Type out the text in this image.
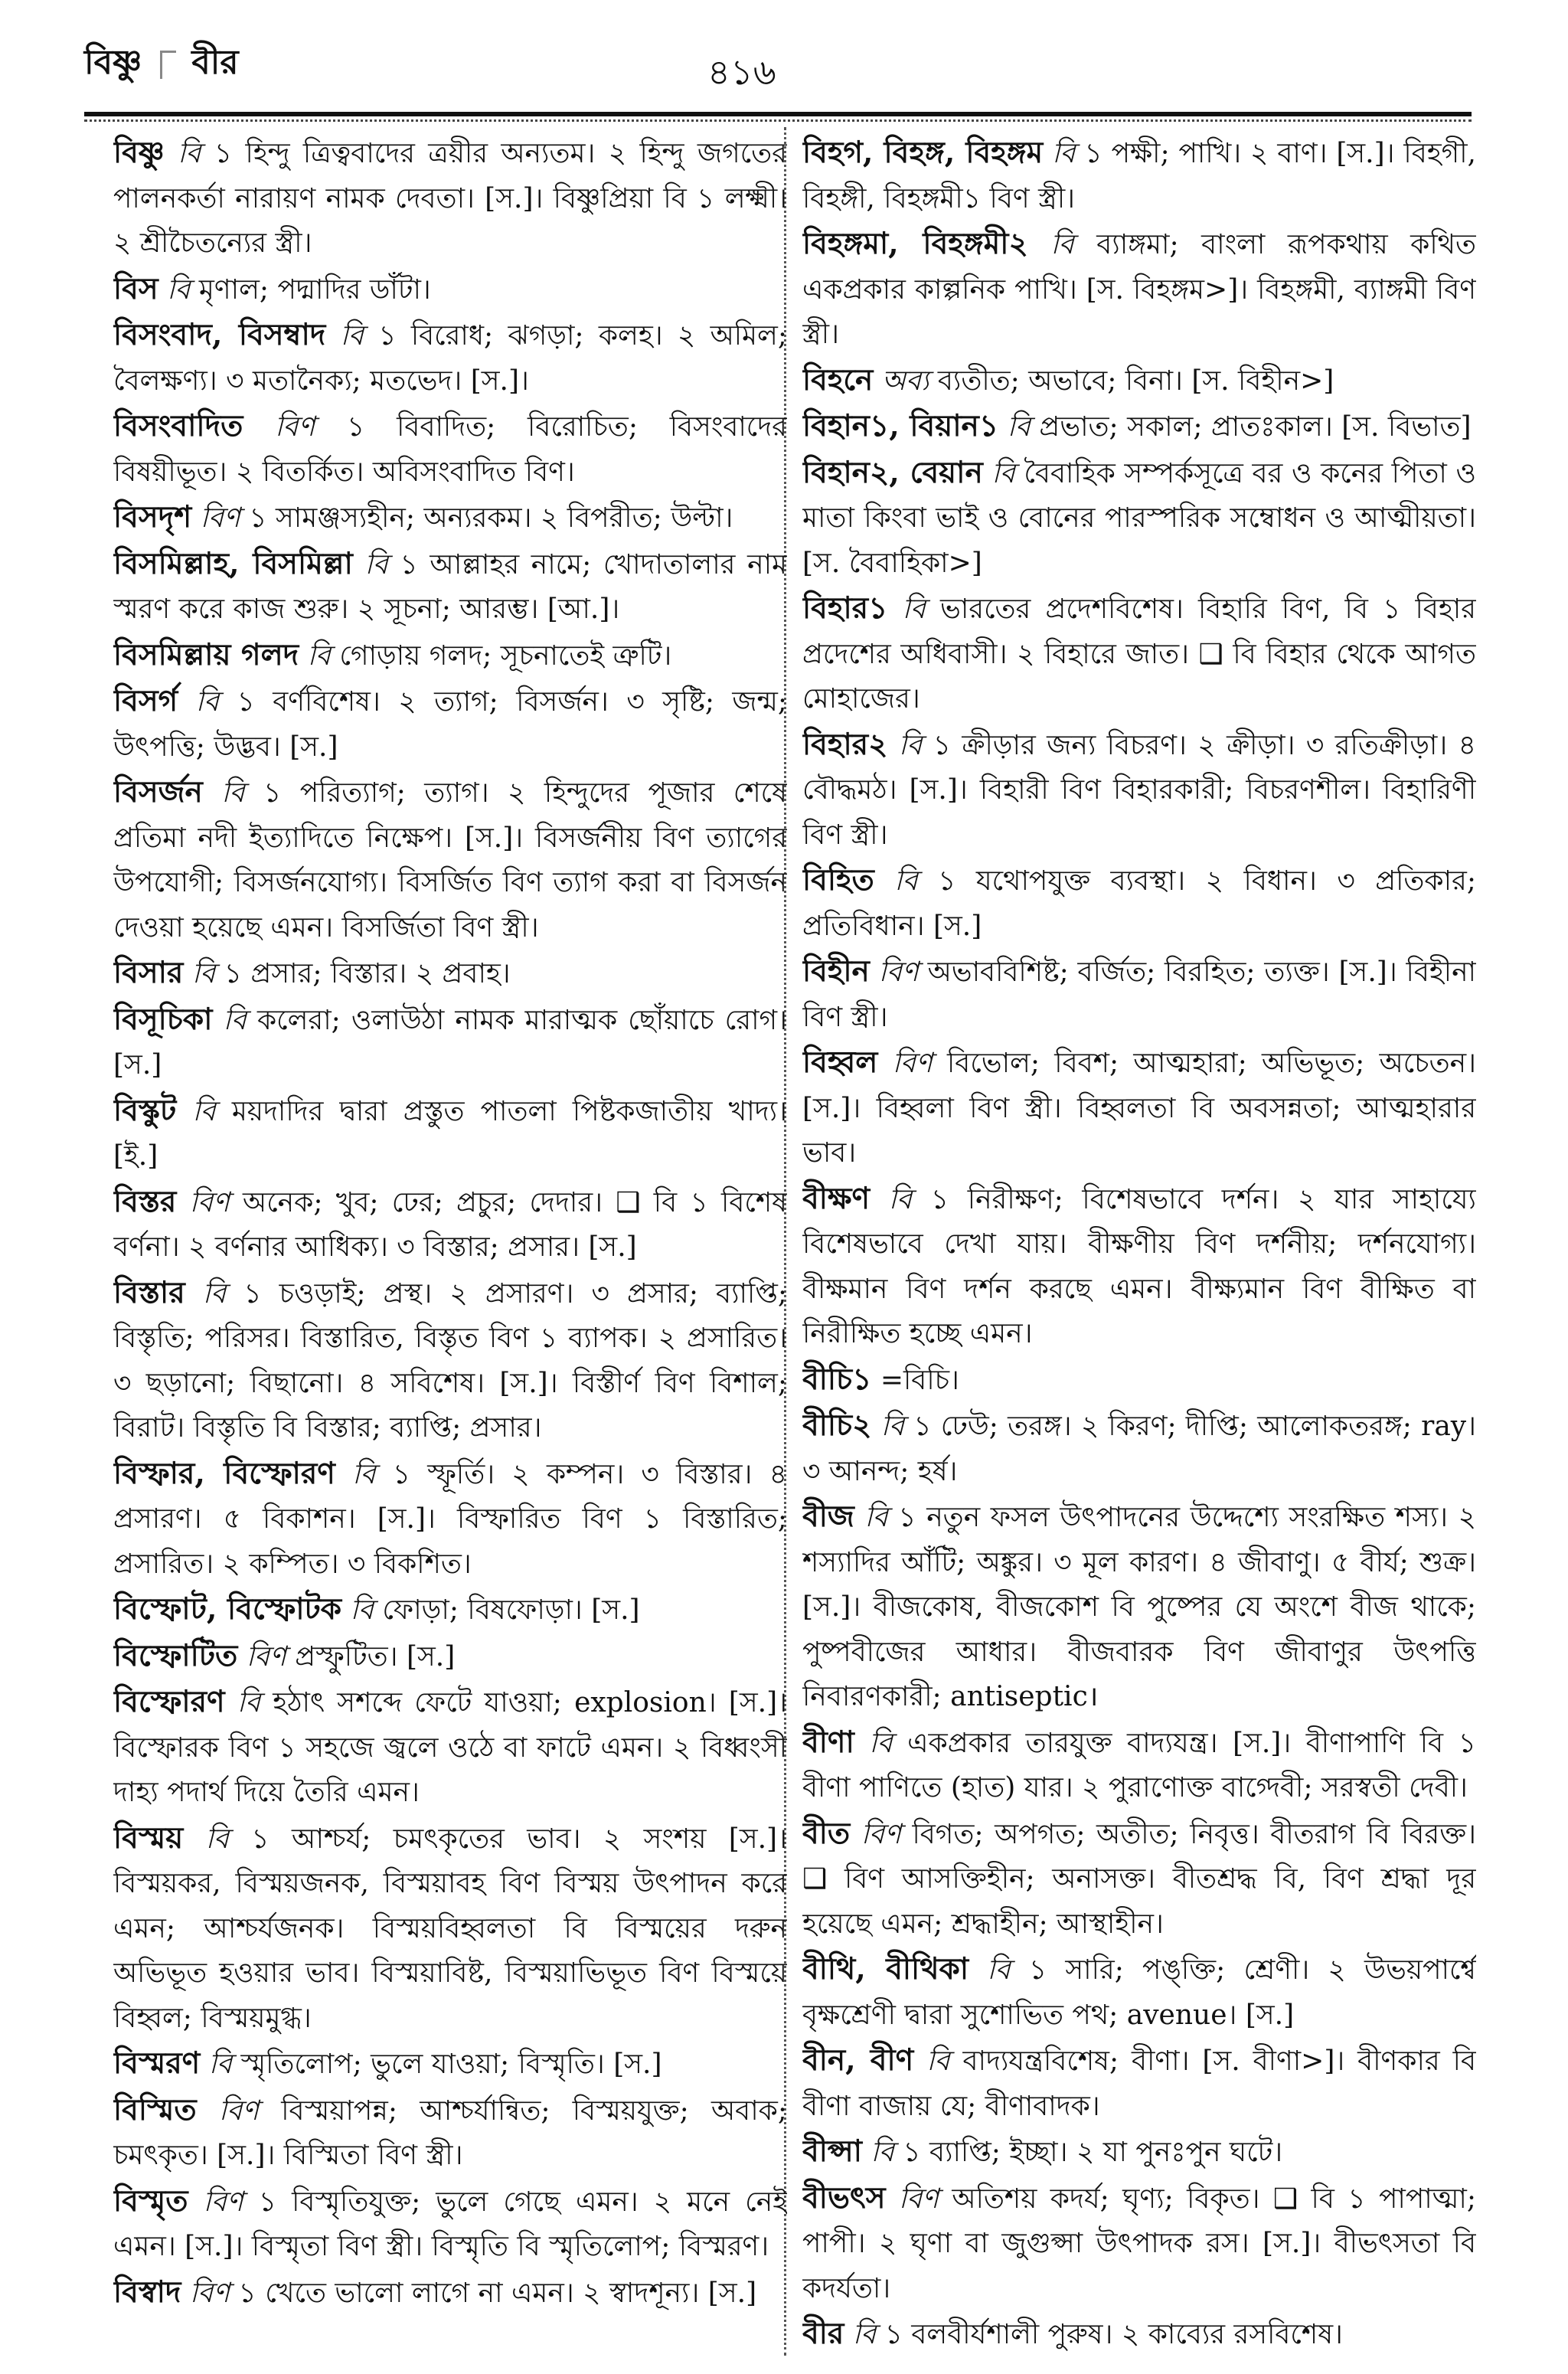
বিষ্ণু বীর	৪১৬

বিষ্ণু বি ১ হিন্দু ত্রিত্ববাদের ত্রয়ীর অন্যতম। ২ হিন্দু জগতের পালনকর্তা নারায়ণ নামক দেবতা। [স.]। বিষ্ণুপ্রিয়া বি ১ লক্ষ্মী। ২ শ্রীচৈতন্যের স্ত্রী।

বিস বি মৃণাল; পদ্মাদির ডাঁটা।

বিসংবাদ, বিসম্বাদ বি ১ বিরোধ; ঝগড়া; কলহ। ২ অমিল; বৈলক্ষণ্য। ৩ মতানৈক্য; মতভেদ। [স.]।

বিসংবাদিত বিণ ১ বিবাদিত; বিরোচিত; বিসংবাদের বিষয়ীভূত। ২ বিতর্কিত। অবিসংবাদিত বিণ।

বিসদৃশ বিণ ১ সামঞ্জস্যহীন; অন্যরকম। ২ বিপরীত; উল্টা।

বিসমিল্লাহ, বিসমিল্লা বি ১ আল্লাহর নামে; খোদাতালার নাম স্মরণ করে কাজ শুরু। ২ সূচনা; আরম্ভ। [আ.]।

বিসমিল্লায় গলদ বি গোড়ায় গলদ; সূচনাতেই ত্রুটি।

বিসর্গ বি ১ বর্ণবিশেষ। ২ ত্যাগ; বিসর্জন। ৩ সৃষ্টি; জন্ম; উৎপত্তি; উদ্ভব। [স.]

বিসর্জন বি ১ পরিত্যাগ; ত্যাগ। ২ হিন্দুদের পূজার শেষে প্রতিমা নদী ইত্যাদিতে নিক্ষেপ। [স.]। বিসর্জনীয় বিণ ত্যাগের উপযোগী; বিসর্জনযোগ্য। বিসর্জিত বিণ ত্যাগ করা বা বিসর্জন দেওয়া হয়েছে এমন। বিসর্জিতা বিণ স্ত্রী।

বিসার বি ১ প্রসার; বিস্তার। ২ প্রবাহ।

বিসূচিকা বি কলেরা; ওলাউঠা নামক মারাত্মক ছোঁয়াচে রোগ। [স.]

বিস্কুট বি ময়দাদির দ্বারা প্রস্তুত পাতলা পিষ্টকজাতীয় খাদ্য। [ই.]

বিস্তর বিণ অনেক; খুব; ঢের; প্রচুর; দেদার। ❑ বি ১ বিশেষ বর্ণনা। ২ বর্ণনার আধিক্য। ৩ বিস্তার; প্রসার। [স.]

বিস্তার বি ১ চওড়াই; প্রস্থ। ২ প্রসারণ। ৩ প্রসার; ব্যাপ্তি; বিস্তৃতি; পরিসর। বিস্তারিত, বিস্তৃত বিণ ১ ব্যাপক। ২ প্রসারিত। ৩ ছড়ানো; বিছানো। ৪ সবিশেষ। [স.]। বিস্তীর্ণ বিণ বিশাল; বিরাট। বিস্তৃতি বি বিস্তার; ব্যাপ্তি; প্রসার।

বিস্ফার, বিস্ফোরণ বি ১ স্ফূর্তি। ২ কম্পন। ৩ বিস্তার। ৪ প্রসারণ। ৫ বিকাশন। [স.]। বিস্ফারিত বিণ ১ বিস্তারিত; প্রসারিত। ২ কম্পিত। ৩ বিকশিত।

বিস্ফোট, বিস্ফোটক বি ফোড়া; বিষফোড়া। [স.]

বিস্ফোটিত বিণ প্রস্ফুটিত। [স.]

বিস্ফোরণ বি হঠাৎ সশব্দে ফেটে যাওয়া; explosion। [স.]। বিস্ফোরক বিণ ১ সহজে জ্বলে ওঠে বা ফাটে এমন। ২ বিধ্বংসী দাহ্য পদার্থ দিয়ে তৈরি এমন।

বিস্ময় বি ১ আশ্চর্য; চমৎকৃতের ভাব। ২ সংশয় [স.]। বিস্ময়কর, বিস্ময়জনক, বিস্ময়াবহ বিণ বিস্ময় উৎপাদন করে এমন; আশ্চর্যজনক। বিস্ময়বিহ্বলতা বি বিস্ময়ের দরুন অভিভূত হওয়ার ভাব। বিস্ময়াবিষ্ট, বিস্ময়াভিভূত বিণ বিস্ময়ে বিহ্বল; বিস্ময়মুগ্ধ।

বিস্মরণ বি স্মৃতিলোপ; ভুলে যাওয়া; বিস্মৃতি। [স.]

বিস্মিত বিণ বিস্ময়াপন্ন; আশ্চর্যান্বিত; বিস্ময়যুক্ত; অবাক; চমৎকৃত। [স.]। বিস্মিতা বিণ স্ত্রী।

বিস্মৃত বিণ ১ বিস্মৃতিযুক্ত; ভুলে গেছে এমন। ২ মনে নেই এমন। [স.]। বিস্মৃতা বিণ স্ত্রী। বিস্মৃতি বি স্মৃতিলোপ; বিস্মরণ।

বিস্বাদ বিণ ১ খেতে ভালো লাগে না এমন। ২ স্বাদশূন্য। [স.]

বিহগ, বিহঙ্গ, বিহঙ্গম বি ১ পক্ষী; পাখি। ২ বাণ। [স.]। বিহগী, বিহঙ্গী, বিহঙ্গমী১ বিণ স্ত্রী।

বিহঙ্গমা, বিহঙ্গমী২ বি ব্যাঙ্গমা; বাংলা রূপকথায় কথিত একপ্রকার কাল্পনিক পাখি। [স. বিহঙ্গম>]। বিহঙ্গমী, ব্যাঙ্গমী বিণ স্ত্রী।

বিহনে অব্য ব্যতীত; অভাবে; বিনা। [স. বিহীন>]

বিহান১, বিয়ান১ বি প্রভাত; সকাল; প্রাতঃকাল। [স. বিভাত]

বিহান২, বেয়ান বি বৈবাহিক সম্পর্কসূত্রে বর ও কনের পিতা ও মাতা কিংবা ভাই ও বোনের পারস্পরিক সম্বোধন ও আত্মীয়তা। [স. বৈবাহিকা>]

বিহার১ বি ভারতের প্রদেশবিশেষ। বিহারি বিণ, বি ১ বিহার প্রদেশের অধিবাসী। ২ বিহারে জাত। ❑ বি বিহার থেকে আগত মোহাজের।

বিহার২ বি ১ ক্রীড়ার জন্য বিচরণ। ২ ক্রীড়া। ৩ রতিক্রীড়া। ৪ বৌদ্ধমঠ। [স.]। বিহারী বিণ বিহারকারী; বিচরণশীল। বিহারিণী বিণ স্ত্রী।

বিহিত বি ১ যথোপযুক্ত ব্যবস্থা। ২ বিধান। ৩ প্রতিকার; প্রতিবিধান। [স.]

বিহীন বিণ অভাববিশিষ্ট; বর্জিত; বিরহিত; ত্যক্ত। [স.]। বিহীনা বিণ স্ত্রী।

বিহ্বল বিণ বিভোল; বিবশ; আত্মহারা; অভিভূত; অচেতন। [স.]। বিহ্বলা বিণ স্ত্রী। বিহ্বলতা বি অবসন্নতা; আত্মহারার ভাব।

বীক্ষণ বি ১ নিরীক্ষণ; বিশেষভাবে দর্শন। ২ যার সাহায্যে বিশেষভাবে দেখা যায়। বীক্ষণীয় বিণ দর্শনীয়; দর্শনযোগ্য। বীক্ষমান বিণ দর্শন করছে এমন। বীক্ষ্যমান বিণ বীক্ষিত বা নিরীক্ষিত হচ্ছে এমন।

বীচি১ =বিচি।

বীচি২ বি ১ ঢেউ; তরঙ্গ। ২ কিরণ; দীপ্তি; আলোকতরঙ্গ; ray। ৩ আনন্দ; হর্ষ।

বীজ বি ১ নতুন ফসল উৎপাদনের উদ্দেশ্যে সংরক্ষিত শস্য। ২ শস্যাদির আঁটি; অঙ্কুর। ৩ মূল কারণ। ৪ জীবাণু। ৫ বীর্য; শুক্র। [স.]। বীজকোষ, বীজকোশ বি পুষ্পের যে অংশে বীজ থাকে; পুষ্পবীজের আধার। বীজবারক বিণ জীবাণুর উৎপত্তি নিবারণকারী; antiseptic।

বীণা বি একপ্রকার তারযুক্ত বাদ্যযন্ত্র। [স.]। বীণাপাণি বি ১ বীণা পাণিতে (হাত) যার। ২ পুরাণোক্ত বাগ্দেবী; সরস্বতী দেবী।

বীত বিণ বিগত; অপগত; অতীত; নিবৃত্ত। বীতরাগ বি বিরক্ত। ❑ বিণ আসক্তিহীন; অনাসক্ত। বীতশ্রদ্ধ বি, বিণ শ্রদ্ধা দূর হয়েছে এমন; শ্রদ্ধাহীন; আস্থাহীন।

বীথি, বীথিকা বি ১ সারি; পঙ্‌ক্তি; শ্রেণী। ২ উভয়পার্শ্বে বৃক্ষশ্রেণী দ্বারা সুশোভিত পথ; avenue। [স.]

বীন, বীণ বি বাদ্যযন্ত্রবিশেষ; বীণা। [স. বীণা>]। বীণকার বি বীণা বাজায় যে; বীণাবাদক।

বীপ্সা বি ১ ব্যাপ্তি; ইচ্ছা। ২ যা পুনঃপুন ঘটে।

বীভৎস বিণ অতিশয় কদর্য; ঘৃণ্য; বিকৃত। ❑ বি ১ পাপাত্মা; পাপী। ২ ঘৃণা বা জুগুপ্সা উৎপাদক রস। [স.]। বীভৎসতা বি কদর্যতা।

বীর বি ১ বলবীর্যশালী পুরুষ। ২ কাব্যের রসবিশেষ।
